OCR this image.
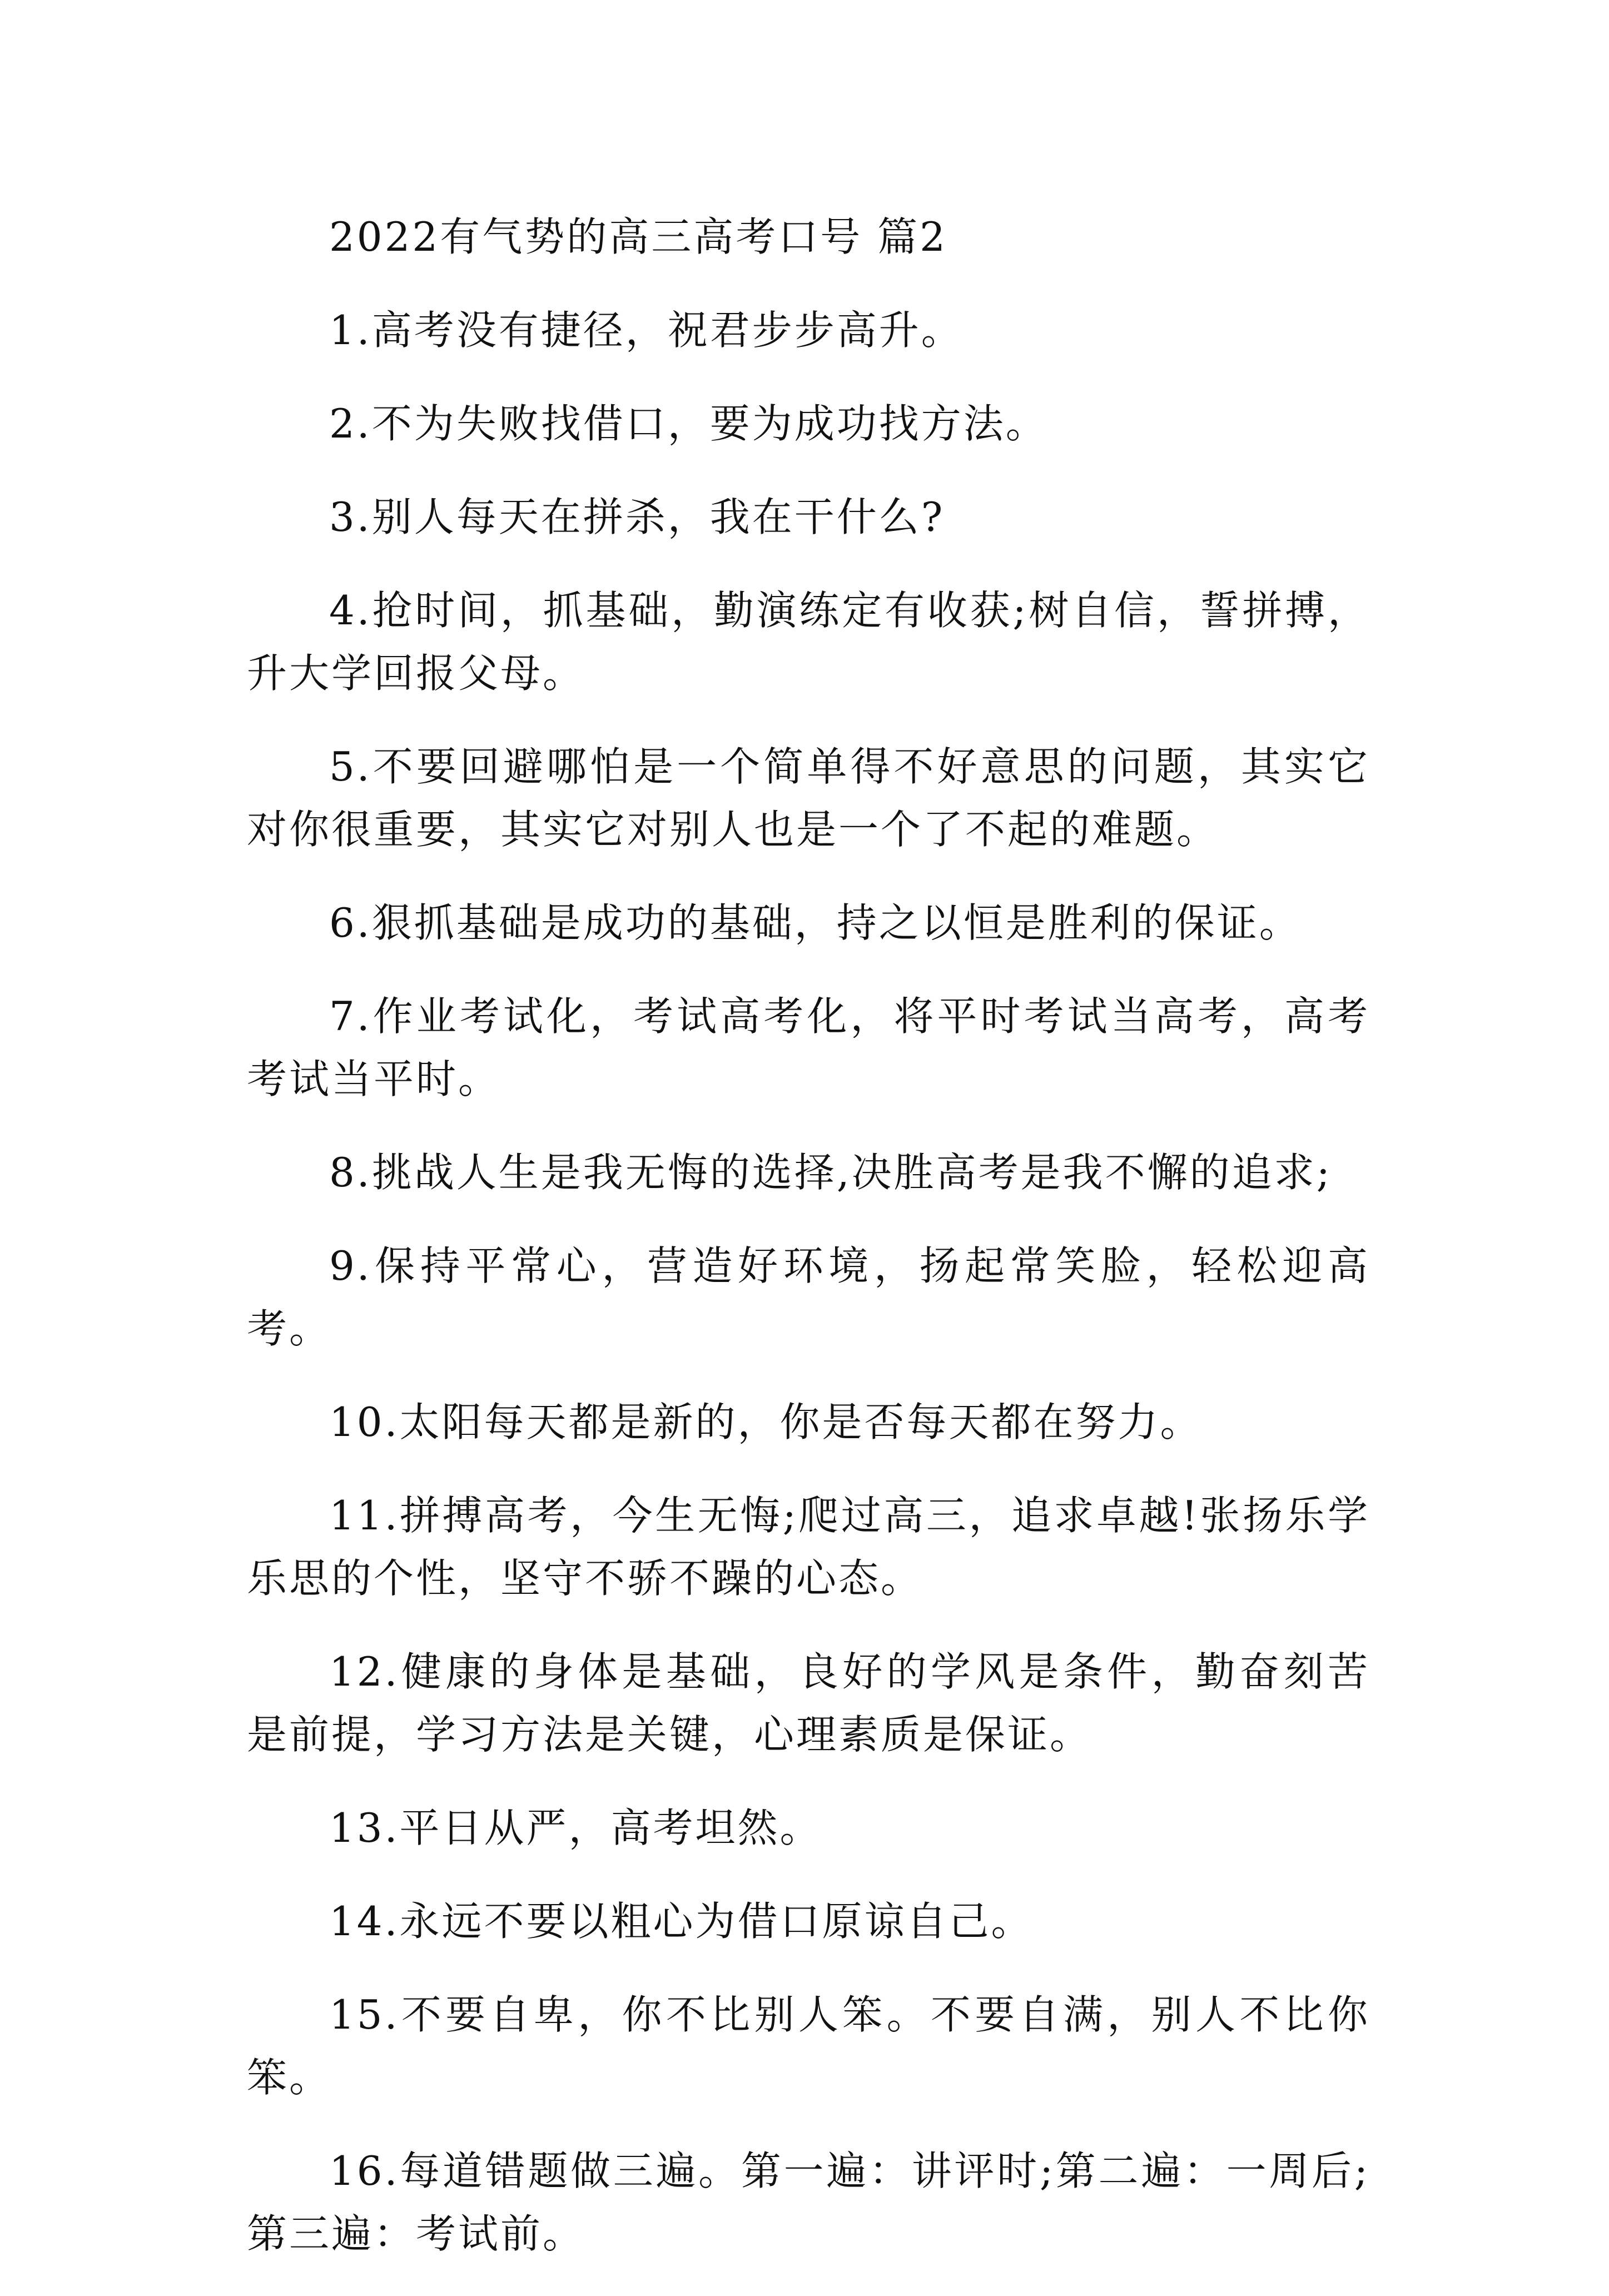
2022有气势的高三高考口号 篇2

1.高考没有捷径，祝君步步高升。

2.不为失败找借口，要为成功找方法。

3.别人每天在拼杀，我在干什么?

4.抢时间，抓基础，勤演练定有收获;树自信，誓拼搏，升大学回报父母。

5.不要回避哪怕是一个简单得不好意思的问题，其实它对你很重要，其实它对别人也是一个了不起的难题。

6.狠抓基础是成功的基础，持之以恒是胜利的保证。

7.作业考试化，考试高考化，将平时考试当高考，高考考试当平时。

8.挑战人生是我无悔的选择,决胜高考是我不懈的追求;

9.保持平常心，营造好环境，扬起常笑脸，轻松迎高考。

10.太阳每天都是新的，你是否每天都在努力。

11.拼搏高考，今生无悔;爬过高三，追求卓越!张扬乐学乐思的个性，坚守不骄不躁的心态。

12.健康的身体是基础，良好的学风是条件，勤奋刻苦是前提，学习方法是关键，心理素质是保证。

13.平日从严，高考坦然。

14.永远不要以粗心为借口原谅自己。

15.不要自卑，你不比别人笨。不要自满，别人不比你笨。

16.每道错题做三遍。第一遍：讲评时;第二遍：一周后;第三遍：考试前。
